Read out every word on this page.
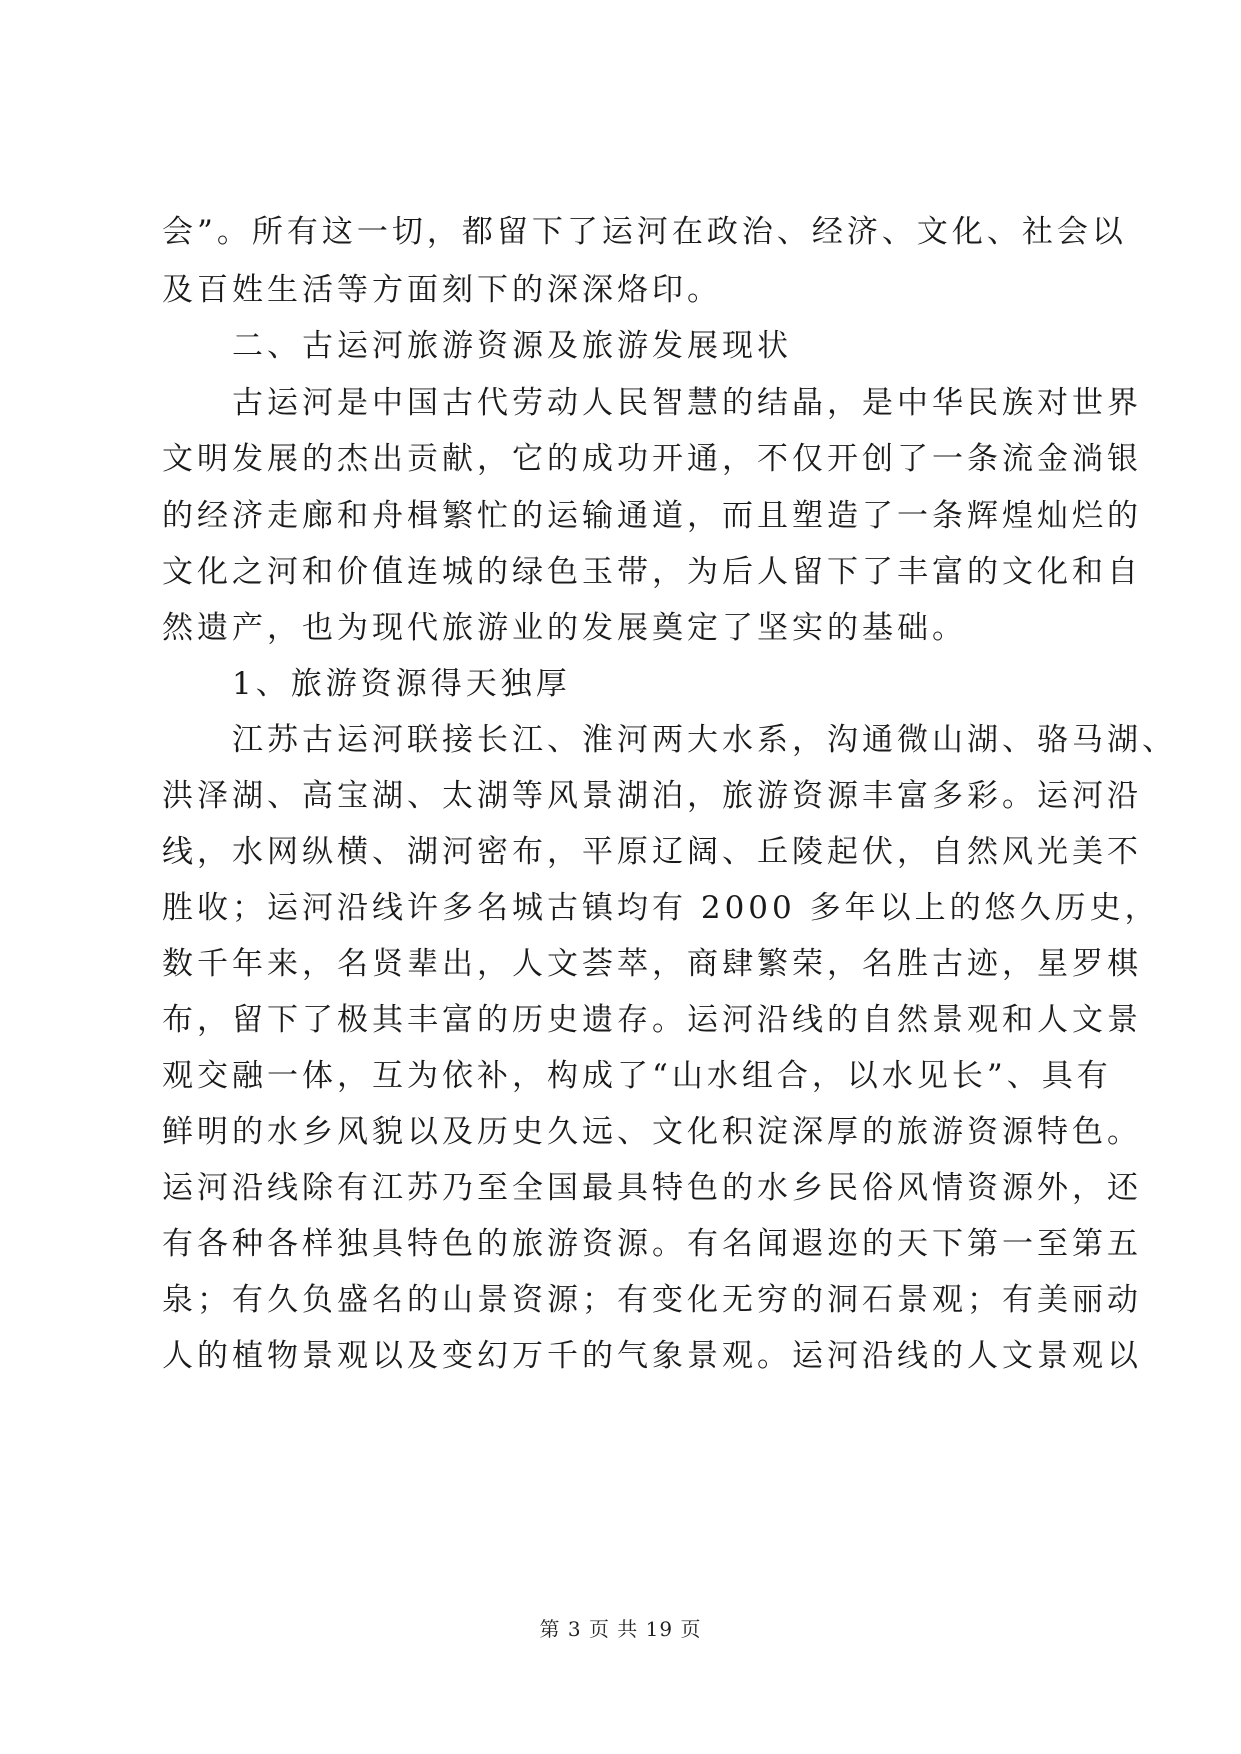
会”。所有这一切，都留下了运河在政治、经济、文化、社会以
及百姓生活等方面刻下的深深烙印。
二、古运河旅游资源及旅游发展现状
古运河是中国古代劳动人民智慧的结晶，是中华民族对世界
文明发展的杰出贡献，它的成功开通，不仅开创了一条流金淌银
的经济走廊和舟楫繁忙的运输通道，而且塑造了一条辉煌灿烂的
文化之河和价值连城的绿色玉带，为后人留下了丰富的文化和自
然遗产，也为现代旅游业的发展奠定了坚实的基础。
1、旅游资源得天独厚
江苏古运河联接长江、淮河两大水系，沟通微山湖、骆马湖、
洪泽湖、高宝湖、太湖等风景湖泊，旅游资源丰富多彩。运河沿
线，水网纵横、湖河密布，平原辽阔、丘陵起伏，自然风光美不
胜收；运河沿线许多名城古镇均有 2000 多年以上的悠久历史，
数千年来，名贤辈出，人文荟萃，商肆繁荣，名胜古迹，星罗棋
布，留下了极其丰富的历史遗存。运河沿线的自然景观和人文景
观交融一体，互为依补，构成了“山水组合，以水见长”、具有
鲜明的水乡风貌以及历史久远、文化积淀深厚的旅游资源特色。
运河沿线除有江苏乃至全国最具特色的水乡民俗风情资源外，还
有各种各样独具特色的旅游资源。有名闻遐迩的天下第一至第五
泉；有久负盛名的山景资源；有变化无穷的洞石景观；有美丽动
人的植物景观以及变幻万千的气象景观。运河沿线的人文景观以
第 3 页 共 19 页
